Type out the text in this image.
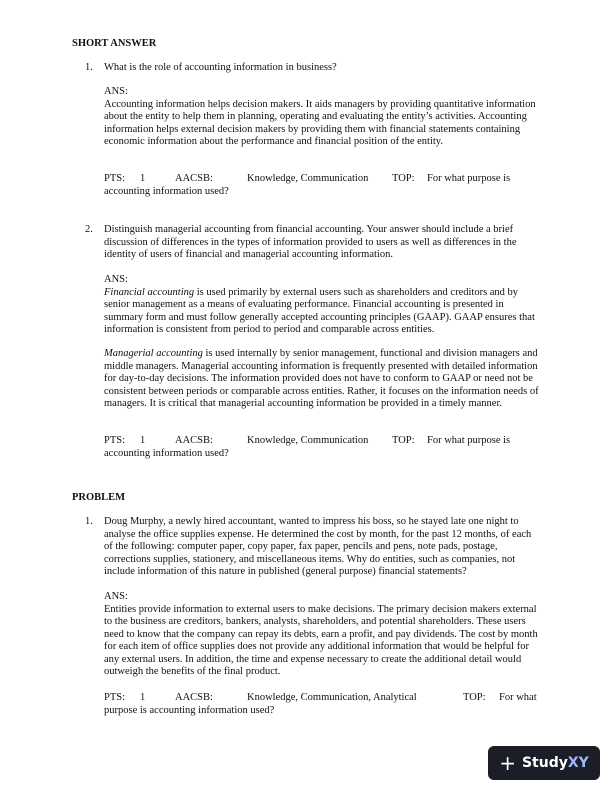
SHORT ANSWER
1. What is the role of accounting information in business?
ANS:
Accounting information helps decision makers. It aids managers by providing quantitative information about the entity to help them in planning, operating and evaluating the entity’s activities. Accounting information helps external decision makers by providing them with financial statements containing economic information about the performance and financial position of the entity.
PTS: 1	AACSB:	Knowledge, Communication TOP: For what purpose is
accounting information used?
2. Distinguish managerial accounting from financial accounting. Your answer should include a brief discussion of differences in the types of information provided to users as well as differences in the identity of users of financial and managerial accounting information.
ANS:
Financial accounting is used primarily by external users such as shareholders and creditors and by senior management as a means of evaluating performance. Financial accounting is presented in summary form and must follow generally accepted accounting principles (GAAP). GAAP ensures that information is consistent from period to period and comparable across entities.
Managerial accounting is used internally by senior management, functional and division managers and middle managers. Managerial accounting information is frequently presented with detailed information for day-to-day decisions. The information provided does not have to conform to GAAP or need not be consistent between periods or comparable across entities. Rather, it focuses on the information needs of managers. It is critical that managerial accounting information be provided in a timely manner.
PTS: 1	AACSB:	Knowledge, Communication TOP: For what purpose is
accounting information used?
PROBLEM
1. Doug Murphy, a newly hired accountant, wanted to impress his boss, so he stayed late one night to analyse the office supplies expense. He determined the cost by month, for the past 12 months, of each of the following: computer paper, copy paper, fax paper, pencils and pens, note pads, postage, corrections supplies, stationery, and miscellaneous items. Why do entities, such as companies, not include information of this nature in published (general purpose) financial statements?
ANS:
Entities provide information to external users to make decisions. The primary decision makers external to the business are creditors, bankers, analysts, shareholders, and potential shareholders. These users need to know that the company can repay its debts, earn a profit, and pay dividends. The cost by month for each item of office supplies does not provide any additional information that would be helpful for any external users. In addition, the time and expense necessary to create the additional detail would outweigh the benefits of the final product.
PTS: 1	AACSB:	Knowledge, Communication, Analytical	TOP: For what
purpose is accounting information used?
+ StudyXY
